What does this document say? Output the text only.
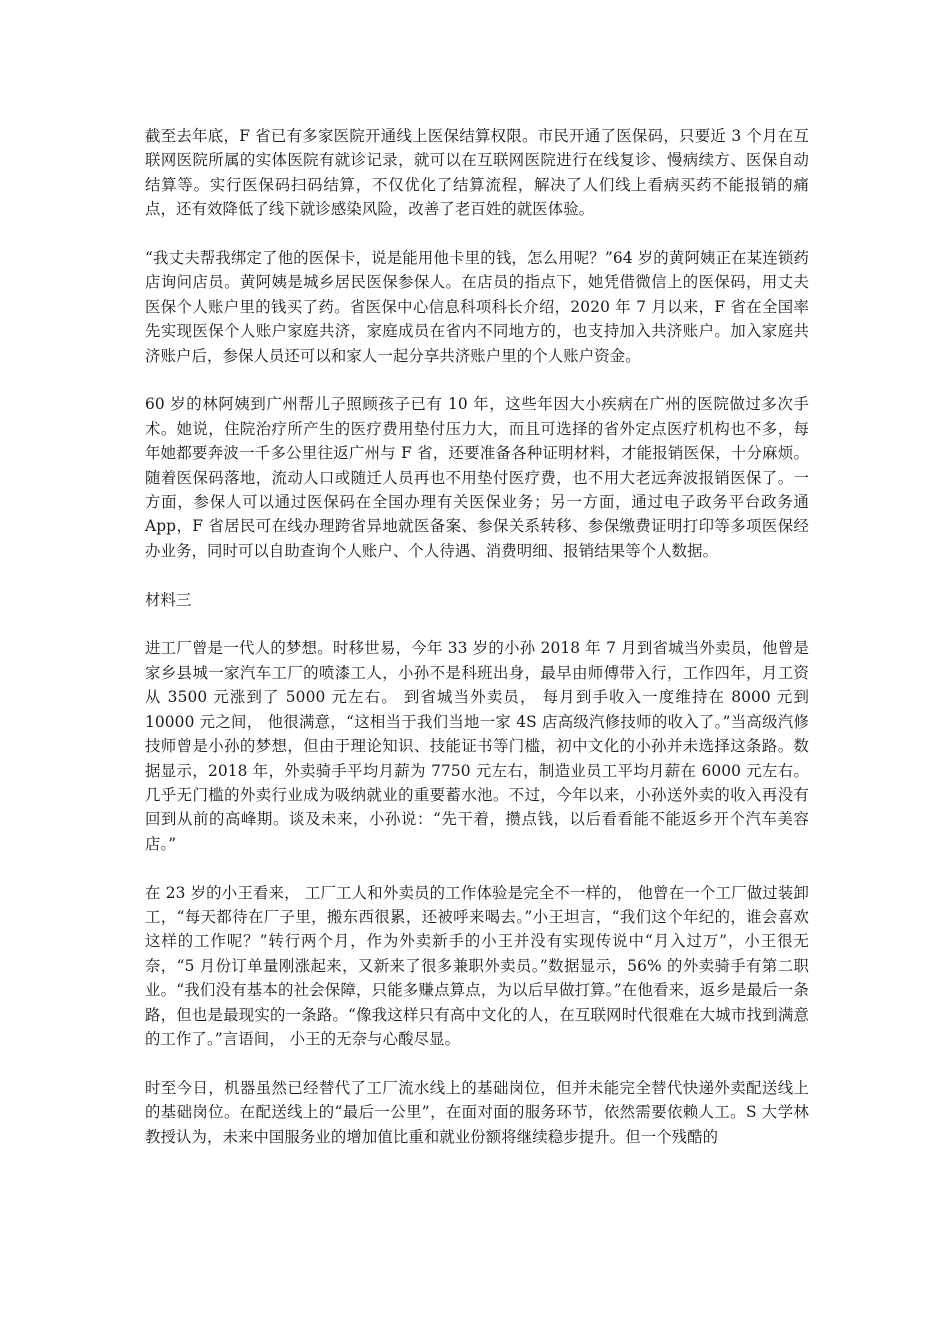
截至去年底，F 省已有多家医院开通线上医保结算权限。市民开通了医保码，只要近 3 个月在互联网医院所属的实体医院有就诊记录，就可以在互联网医院进行在线复诊、慢病续方、医保自动结算等。实行医保码扫码结算，不仅优化了结算流程，解决了人们线上看病买药不能报销的痛点，还有效降低了线下就诊感染风险，改善了老百姓的就医体验。

“我丈夫帮我绑定了他的医保卡，说是能用他卡里的钱，怎么用呢？”64 岁的黄阿姨正在某连锁药店询问店员。黄阿姨是城乡居民医保参保人。在店员的指点下，她凭借微信上的医保码，用丈夫医保个人账户里的钱买了药。省医保中心信息科项科长介绍，2020 年 7 月以来，F 省在全国率先实现医保个人账户家庭共济，家庭成员在省内不同地方的，也支持加入共济账户。加入家庭共济账户后，参保人员还可以和家人一起分享共济账户里的个人账户资金。

60 岁的林阿姨到广州帮儿子照顾孩子已有 10 年，这些年因大小疾病在广州的医院做过多次手术。她说，住院治疗所产生的医疗费用垫付压力大，而且可选择的省外定点医疗机构也不多，每年她都要奔波一千多公里往返广州与 F 省，还要准备各种证明材料，才能报销医保，十分麻烦。随着医保码落地，流动人口或随迁人员再也不用垫付医疗费，也不用大老远奔波报销医保了。一方面，参保人可以通过医保码在全国办理有关医保业务；另一方面，通过电子政务平台政务通 App，F 省居民可在线办理跨省异地就医备案、参保关系转移、参保缴费证明打印等多项医保经办业务，同时可以自助查询个人账户、个人待遇、消费明细、报销结果等个人数据。

材料三

进工厂曾是一代人的梦想。时移世易，今年 33 岁的小孙 2018 年 7 月到省城当外卖员，他曾是家乡县城一家汽车工厂的喷漆工人，小孙不是科班出身，最早由师傅带入行，工作四年，月工资从 3500 元涨到了 5000 元左右。 到省城当外卖员， 每月到手收入一度维持在 8000 元到10000 元之间， 他很满意，“这相当于我们当地一家 4S 店高级汽修技师的收入了。”当高级汽修技师曾是小孙的梦想，但由于理论知识、技能证书等门槛，初中文化的小孙并未选择这条路。数据显示，2018 年，外卖骑手平均月薪为 7750 元左右，制造业员工平均月薪在 6000 元左右。几乎无门槛的外卖行业成为吸纳就业的重要蓄水池。不过，今年以来，小孙送外卖的收入再没有回到从前的高峰期。谈及未来，小孙说：“先干着，攒点钱，以后看看能不能返乡开个汽车美容店。”

在 23 岁的小王看来， 工厂工人和外卖员的工作体验是完全不一样的， 他曾在一个工厂做过装卸工，“每天都待在厂子里，搬东西很累，还被呼来喝去。”小王坦言，“我们这个年纪的，谁会喜欢这样的工作呢？”转行两个月，作为外卖新手的小王并没有实现传说中“月入过万”，小王很无奈，“5 月份订单量刚涨起来，又新来了很多兼职外卖员。”数据显示，56% 的外卖骑手有第二职业。“我们没有基本的社会保障，只能多赚点算点，为以后早做打算。”在他看来，返乡是最后一条路，但也是最现实的一条路。“像我这样只有高中文化的人，在互联网时代很难在大城市找到满意的工作了。”言语间， 小王的无奈与心酸尽显。

时至今日，机器虽然已经替代了工厂流水线上的基础岗位，但并未能完全替代快递外卖配送线上的基础岗位。在配送线上的“最后一公里”，在面对面的服务环节，依然需要依赖人工。S 大学林教授认为，未来中国服务业的增加值比重和就业份额将继续稳步提升。但一个残酷的
